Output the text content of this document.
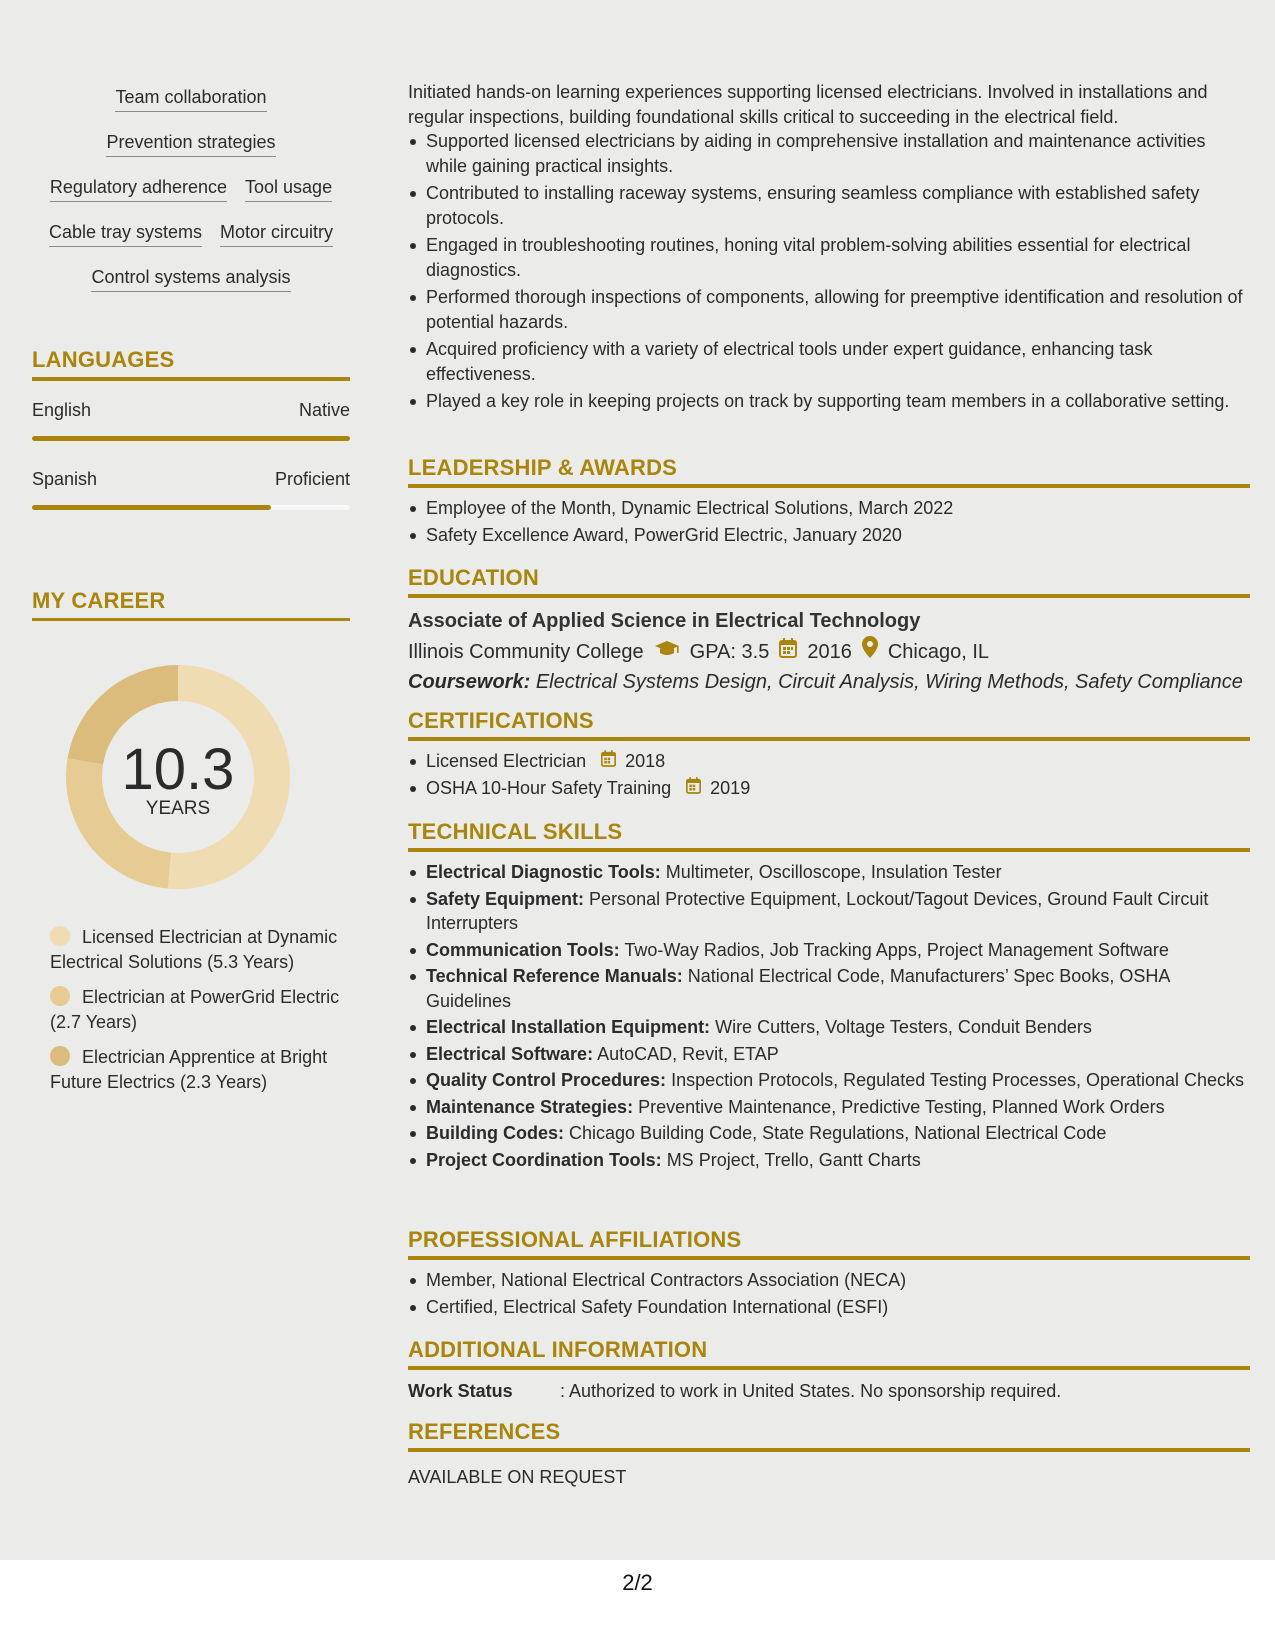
Team collaboration
Prevention strategies
Regulatory adherence Tool usage
Cable tray systems Motor circuitry
Control systems analysis
LANGUAGES
English	Native
Spanish	Proficient
MY CAREER
10.3
YEARS
Licensed Electrician at Dynamic Electrical Solutions (5.3 Years)
Electrician at PowerGrid Electric (2.7 Years)
Electrician Apprentice at Bright Future Electrics (2.3 Years)

Initiated hands-on learning experiences supporting licensed electricians. Involved in installations and regular inspections, building foundational skills critical to succeeding in the electrical field.

Supported licensed electricians by aiding in comprehensive installation and maintenance activities while gaining practical insights.
Contributed to installing raceway systems, ensuring seamless compliance with established safety protocols.
Engaged in troubleshooting routines, honing vital problem-solving abilities essential for electrical diagnostics.
Performed thorough inspections of components, allowing for preemptive identification and resolution of potential hazards.
Acquired proficiency with a variety of electrical tools under expert guidance, enhancing task effectiveness.
Played a key role in keeping projects on track by supporting team members in a collaborative setting.
LEADERSHIP & AWARDS
Employee of the Month, Dynamic Electrical Solutions, March 2022
Safety Excellence Award, PowerGrid Electric, January 2020
EDUCATION
Associate of Applied Science in Electrical Technology
Illinois Community College GPA: 3.5 2016 Chicago, IL
Coursework: Electrical Systems Design, Circuit Analysis, Wiring Methods, Safety Compliance
CERTIFICATIONS
Licensed Electrician 2018
OSHA 10-Hour Safety Training 2019
TECHNICAL SKILLS
Electrical Diagnostic Tools: Multimeter, Oscilloscope, Insulation Tester
Safety Equipment: Personal Protective Equipment, Lockout/Tagout Devices, Ground Fault Circuit Interrupters
Communication Tools: Two-Way Radios, Job Tracking Apps, Project Management Software
Technical Reference Manuals: National Electrical Code, Manufacturers’ Spec Books, OSHA Guidelines
Electrical Installation Equipment: Wire Cutters, Voltage Testers, Conduit Benders
Electrical Software: AutoCAD, Revit, ETAP
Quality Control Procedures: Inspection Protocols, Regulated Testing Processes, Operational Checks
Maintenance Strategies: Preventive Maintenance, Predictive Testing, Planned Work Orders
Building Codes: Chicago Building Code, State Regulations, National Electrical Code
Project Coordination Tools: MS Project, Trello, Gantt Charts
PROFESSIONAL AFFILIATIONS
Member, National Electrical Contractors Association (NECA)
Certified, Electrical Safety Foundation International (ESFI)
ADDITIONAL INFORMATION
Work Status	: Authorized to work in United States. No sponsorship required.
REFERENCES
AVAILABLE ON REQUEST
2/2
